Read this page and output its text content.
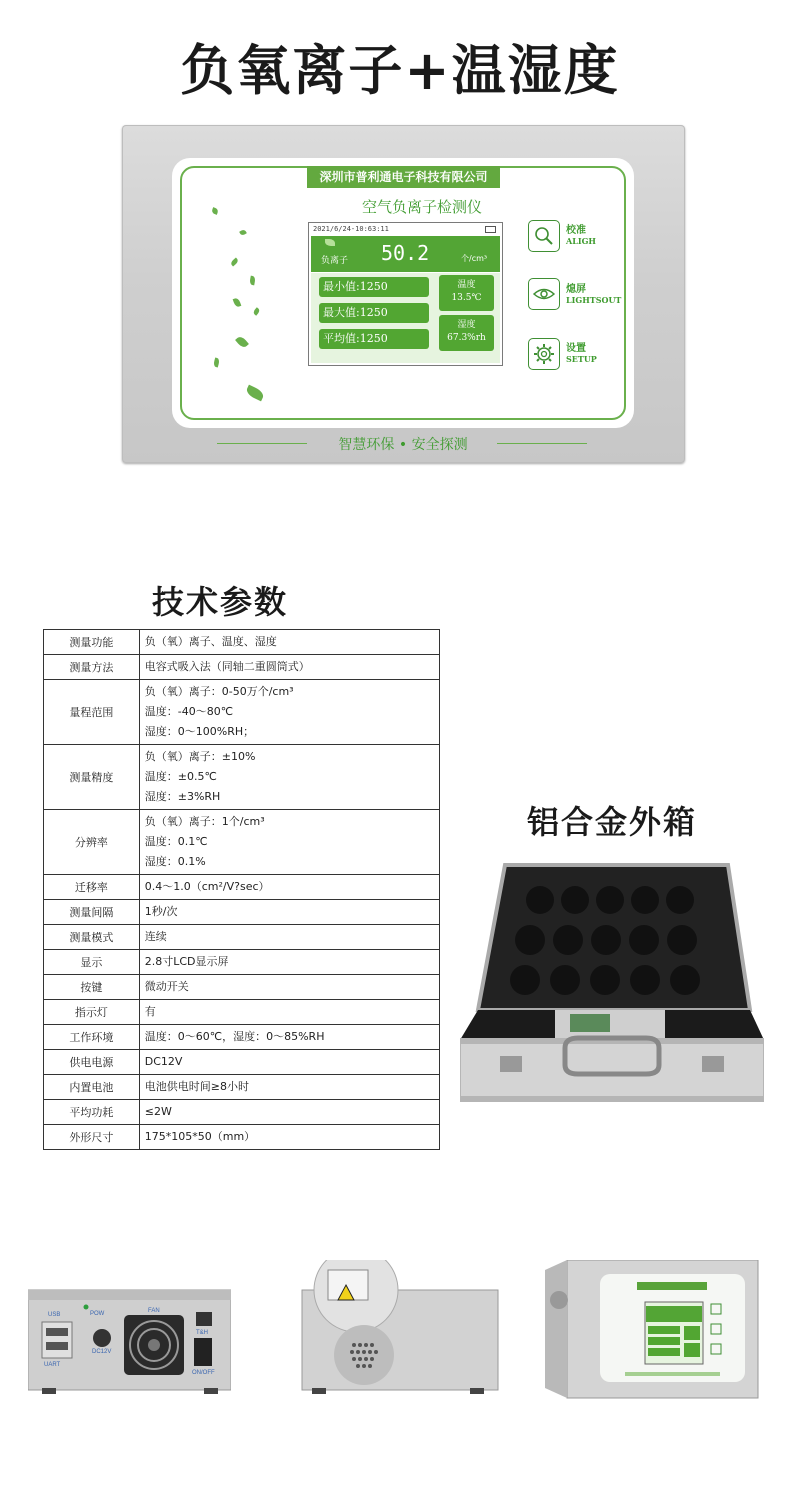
负氧离子+温湿度
深圳市普利通电子科技有限公司
空气负离子检测仪
2021/6/24-10:63:11
负离子 50.2	个/cm³
最小值:1250
最大值:1250
平均值:1250
温度
13.5℃
湿度
67.3%rh
校准
ALIGH
熄屏
LIGHTSOUT
设置
SETUP
智慧环保 • 安全探测
技术参数
测量功能	负（氧）离子、温度、湿度

测量方法	电容式吸入法（同轴二重圆筒式）

量程范围	负（氧）离子：0-50万个/cm³
温度：-40～80℃
湿度：0～100%RH；

测量精度	负（氧）离子：±10%
温度：±0.5℃
湿度：±3%RH

分辨率	负（氧）离子：1个/cm³
温度：0.1℃
湿度：0.1%

迁移率	0.4～1.0（cm²/V?sec）

测量间隔	1秒/次

测量模式	连续

显示	2.8寸LCD显示屏

按键	微动开关

指示灯	有

工作环境	温度：0～60℃，湿度：0～85%RH

供电电源	DC12V

内置电池	电池供电时间≥8小时

平均功耗	≤2W

外形尺寸	175*105*50（mm）
铝合金外箱
USB	POW	FAN
DC12V
T&H
UART
ON/OFF
